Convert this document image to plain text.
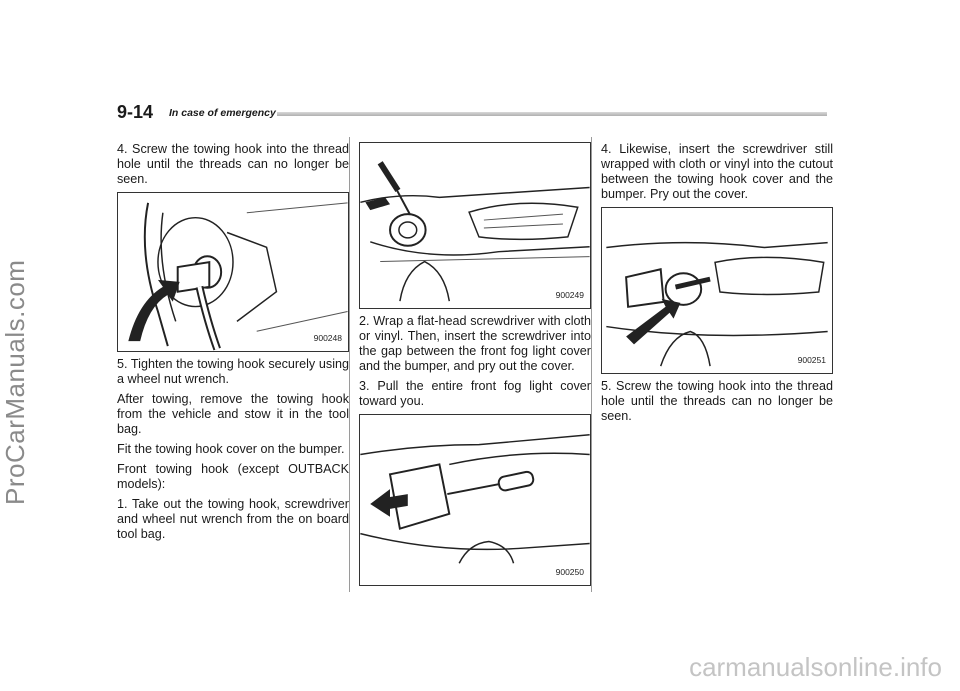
ProCarManuals.com
carmanualsonline.info
9-14 In case of emergency

4. Screw the towing hook into the thread hole until the threads can no longer be seen.

900248

5. Tighten the towing hook securely using a wheel nut wrench.

After towing, remove the towing hook from the vehicle and stow it in the tool bag.

Fit the towing hook cover on the bumper.

Front towing hook (except OUTBACK models):

1. Take out the towing hook, screwdriver and wheel nut wrench from the on board tool bag.

900249

2. Wrap a flat-head screwdriver with cloth or vinyl. Then, insert the screwdriver into the gap between the front fog light cover and the bumper, and pry out the cover.

3. Pull the entire front fog light cover toward you.

900250

4. Likewise, insert the screwdriver still wrapped with cloth or vinyl into the cutout between the towing hook cover and the bumper. Pry out the cover.

900251

5. Screw the towing hook into the thread hole until the threads can no longer be seen.
